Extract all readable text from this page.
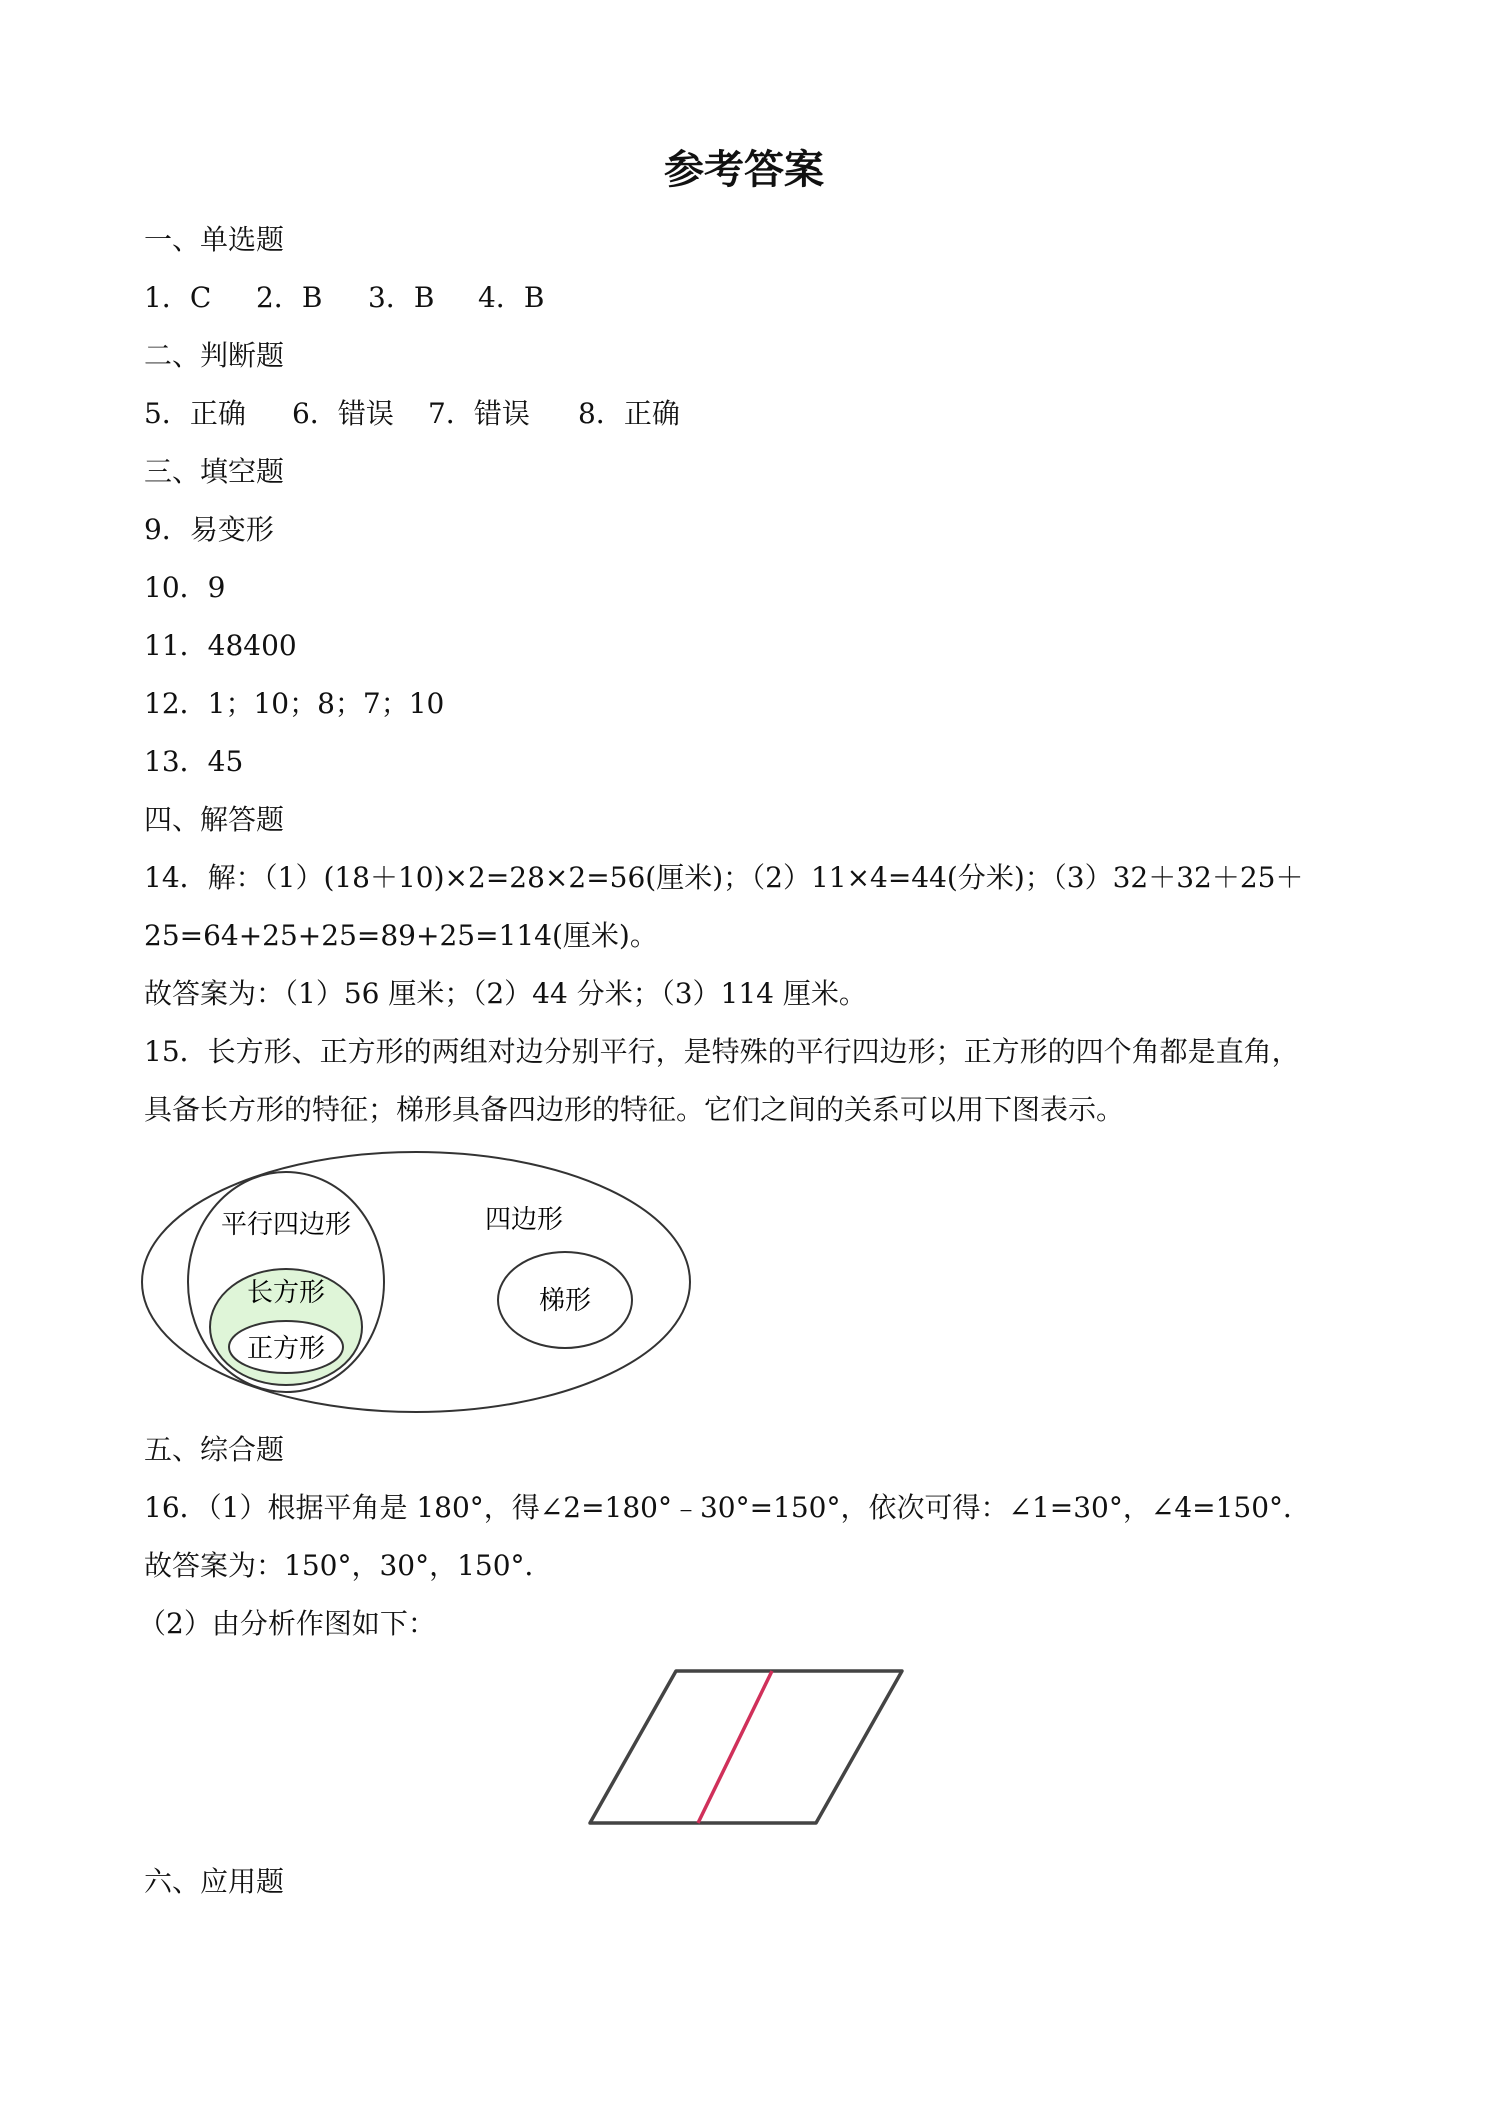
参考答案
一、单选题
1．C 2．B 3．B 4．B
二、判断题
5．正确 6．错误 7．错误 8．正确
三、填空题
9．易变形
10．9
11．48400
12．1；10；8；7；10
13．45
四、解答题
14．解：（1）(18＋10)×2=28×2=56(厘米)；（2）11×4=44(分米)；（3）32＋32＋25＋
25=64+25+25=89+25=114(厘米)。
故答案为：（1）56 厘米；（2）44 分米；（3）114 厘米。
15．长方形、正方形的两组对边分别平行，是特殊的平行四边形；正方形的四个角都是直角，
具备长方形的特征；梯形具备四边形的特征。它们之间的关系可以用下图表示。
平行四边形	四边形
长方形
正方形
梯形
五、综合题
16．（1）根据平角是 180°，得∠2=180°﹣30°=150°，依次可得：∠1=30°，∠4=150°．
故答案为：150°，30°，150°．
（2）由分析作图如下：
六、应用题
